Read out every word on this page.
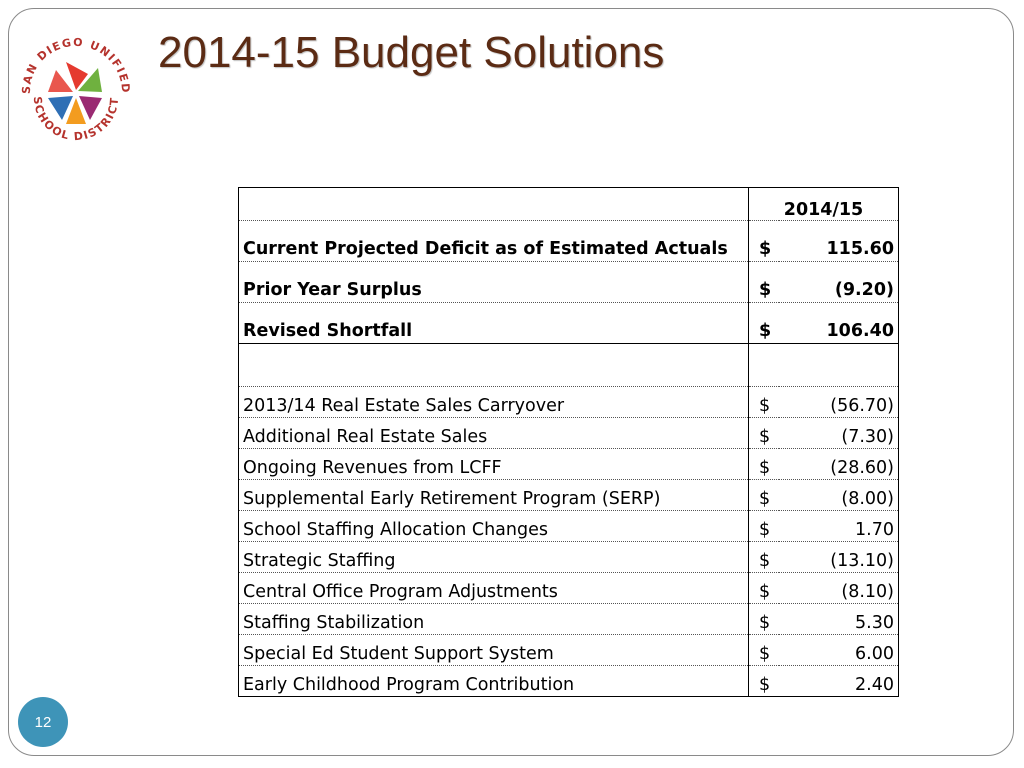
SAN DIEGO UNIFIED
SCHOOL DISTRICT
2014-15 Budget Solutions
	2014/15	
Current Projected Deficit as of Estimated Actuals	$	115.60
Prior Year Surplus	$	(9.20)
Revised Shortfall	$	106.40

2013/14 Real Estate Sales Carryover	$	(56.70)
Additional Real Estate Sales	$	(7.30)
Ongoing Revenues from LCFF	$	(28.60)
Supplemental Early Retirement Program (SERP)	$	(8.00)
School Staffing Allocation Changes	$	1.70
Strategic Staffing	$	(13.10)
Central Office Program Adjustments	$	(8.10)
Staffing Stabilization	$	5.30
Special Ed Student Support System	$	6.00
Early Childhood Program Contribution	$	2.40
12
